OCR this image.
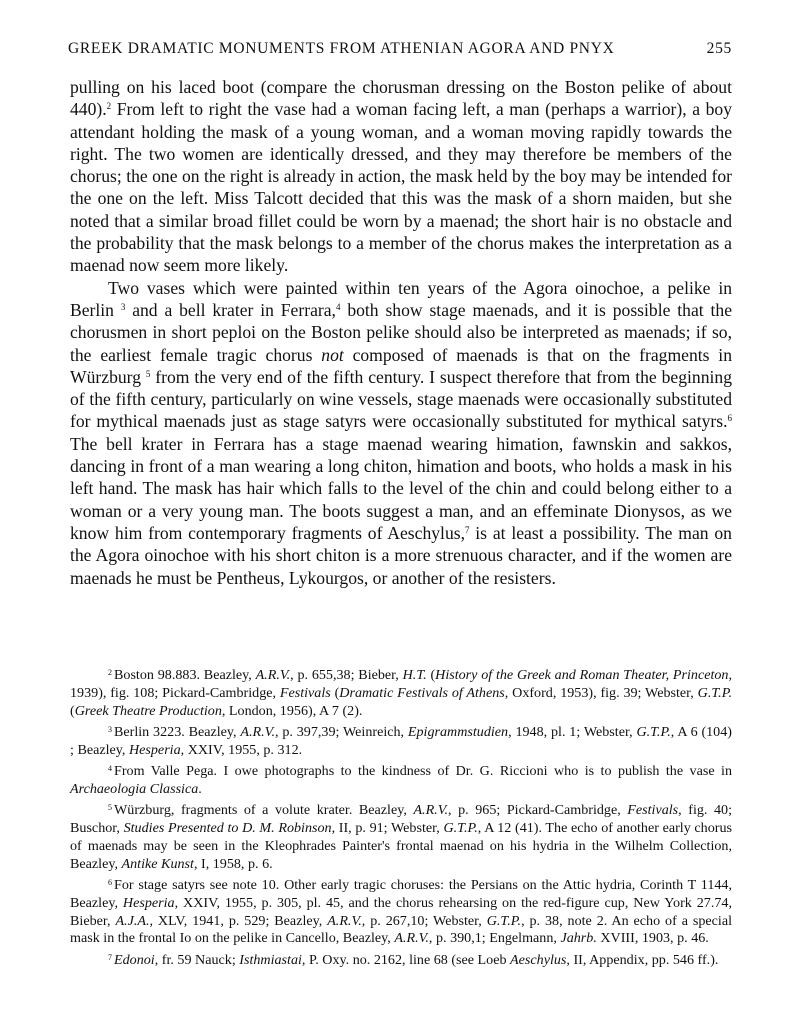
GREEK DRAMATIC MONUMENTS FROM ATHENIAN AGORA AND PNYX	255

pulling on his laced boot (compare the chorusman dressing on the Boston pelike of about 440).$^2$ From left to right the vase had a woman facing left, a man (perhaps a warrior), a boy attendant holding the mask of a young woman, and a woman moving rapidly towards the right. The two women are identically dressed, and they may therefore be members of the chorus; the one on the right is already in action, the mask held by the boy may be intended for the one on the left. Miss Talcott decided that this was the mask of a shorn maiden, but she noted that a similar broad fillet could be worn by a maenad; the short hair is no obstacle and the probability that the mask belongs to a member of the chorus makes the interpretation as a maenad now seem more likely.

Two vases which were painted within ten years of the Agora oinochoe, a pelike in Berlin $^3$ and a bell krater in Ferrara,$^4$ both show stage maenads, and it is possible that the chorusmen in short peploi on the Boston pelike should also be interpreted as maenads; if so, the earliest female tragic chorus not composed of maenads is that on the fragments in Würzburg $^5$ from the very end of the fifth century. I suspect therefore that from the beginning of the fifth century, particularly on wine vessels, stage maenads were occasionally substituted for mythical maenads just as stage satyrs were occasionally substituted for mythical satyrs.$^6$ The bell krater in Ferrara has a stage maenad wearing himation, fawnskin and sakkos, dancing in front of a man wearing a long chiton, himation and boots, who holds a mask in his left hand. The mask has hair which falls to the level of the chin and could belong either to a woman or a very young man. The boots suggest a man, and an effeminate Dionysos, as we know him from contemporary fragments of Aeschylus,$^7$ is at least a possibility. The man on the Agora oinochoe with his short chiton is a more strenuous character, and if the women are maenads he must be Pentheus, Lykourgos, or another of the resisters.

$^2$ Boston 98.883. Beazley, A.R.V., p. 655,38; Bieber, H.T. (History of the Greek and Roman Theater, Princeton, 1939), fig. 108; Pickard-Cambridge, Festivals (Dramatic Festivals of Athens, Oxford, 1953), fig. 39; Webster, G.T.P. (Greek Theatre Production, London, 1956), A 7 (2).

$^3$ Berlin 3223. Beazley, A.R.V., p. 397,39; Weinreich, Epigrammstudien, 1948, pl. 1; Webster, G.T.P., A 6 (104) ; Beazley, Hesperia, XXIV, 1955, p. 312.

$^4$ From Valle Pega. I owe photographs to the kindness of Dr. G. Riccioni who is to publish the vase in Archaeologia Classica.

$^5$ Würzburg, fragments of a volute krater. Beazley, A.R.V., p. 965; Pickard-Cambridge, Festivals, fig. 40; Buschor, Studies Presented to D. M. Robinson, II, p. 91; Webster, G.T.P., A 12 (41). The echo of another early chorus of maenads may be seen in the Kleophrades Painter's frontal maenad on his hydria in the Wilhelm Collection, Beazley, Antike Kunst, I, 1958, p. 6.

$^6$ For stage satyrs see note 10. Other early tragic choruses: the Persians on the Attic hydria, Corinth T 1144, Beazley, Hesperia, XXIV, 1955, p. 305, pl. 45, and the chorus rehearsing on the red-figure cup, New York 27.74, Bieber, A.J.A., XLV, 1941, p. 529; Beazley, A.R.V., p. 267,10; Webster, G.T.P., p. 38, note 2. An echo of a special mask in the frontal Io on the pelike in Cancello, Beazley, A.R.V., p. 390,1; Engelmann, Jahrb. XVIII, 1903, p. 46.

$^7$ Edonoi, fr. 59 Nauck; Isthmiastai, P. Oxy. no. 2162, line 68 (see Loeb Aeschylus, II, Appendix, pp. 546 ff.).
